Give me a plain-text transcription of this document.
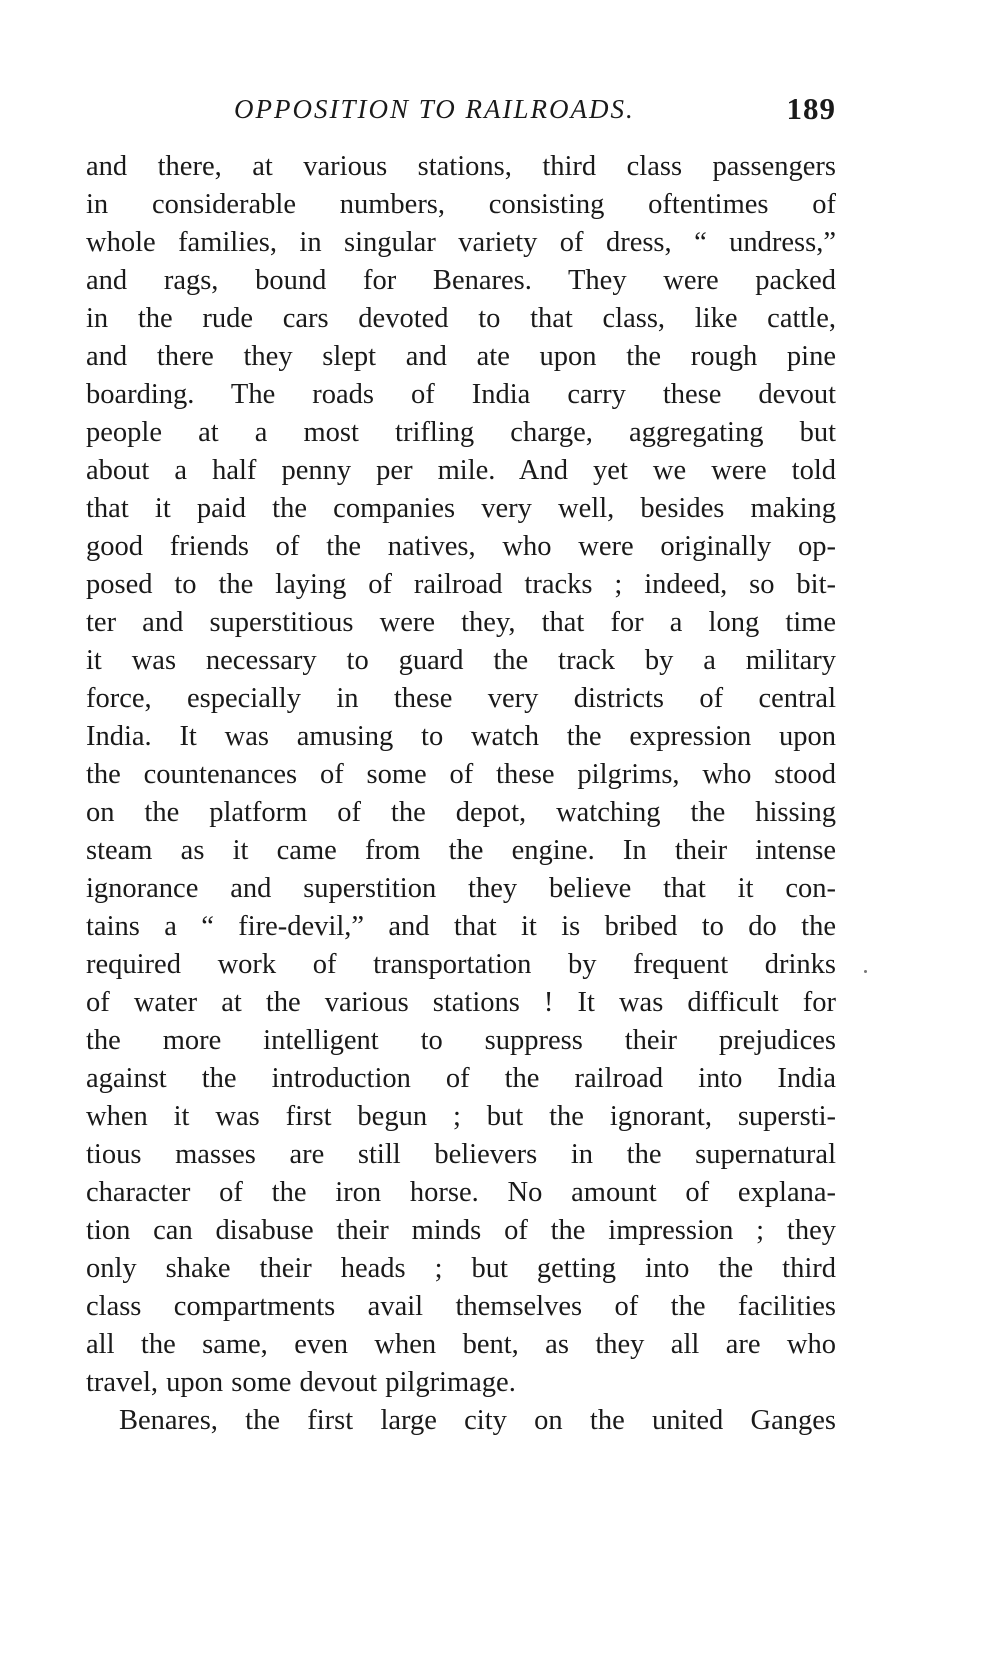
OPPOSITION TO RAILROADS.	189
and there, at various stations, third class passengers
in considerable numbers, consisting oftentimes of
whole families, in singular variety of dress, “ undress,”
and rags, bound for Benares. They were packed
in the rude cars devoted to that class, like cattle,
and there they slept and ate upon the rough pine
boarding. The roads of India carry these devout
people at a most trifling charge, aggregating but
about a half penny per mile. And yet we were told
that it paid the companies very well, besides making
good friends of the natives, who were originally op-
posed to the laying of railroad tracks ; indeed, so bit-
ter and superstitious were they, that for a long time
it was necessary to guard the track by a military
force, especially in these very districts of central
India. It was amusing to watch the expression upon
the countenances of some of these pilgrims, who stood
on the platform of the depot, watching the hissing
steam as it came from the engine. In their intense
ignorance and superstition they believe that it con-
tains a “ fire-devil,” and that it is bribed to do the
required work of transportation by frequent drinks
of water at the various stations ! It was difficult for
the more intelligent to suppress their prejudices
against the introduction of the railroad into India
when it was first begun ; but the ignorant, supersti-
tious masses are still believers in the supernatural
character of the iron horse. No amount of explana-
tion can disabuse their minds of the impression ; they
only shake their heads ; but getting into the third
class compartments avail themselves of the facilities
all the same, even when bent, as they all are who
travel, upon some devout pilgrimage.
Benares, the first large city on the united Ganges
